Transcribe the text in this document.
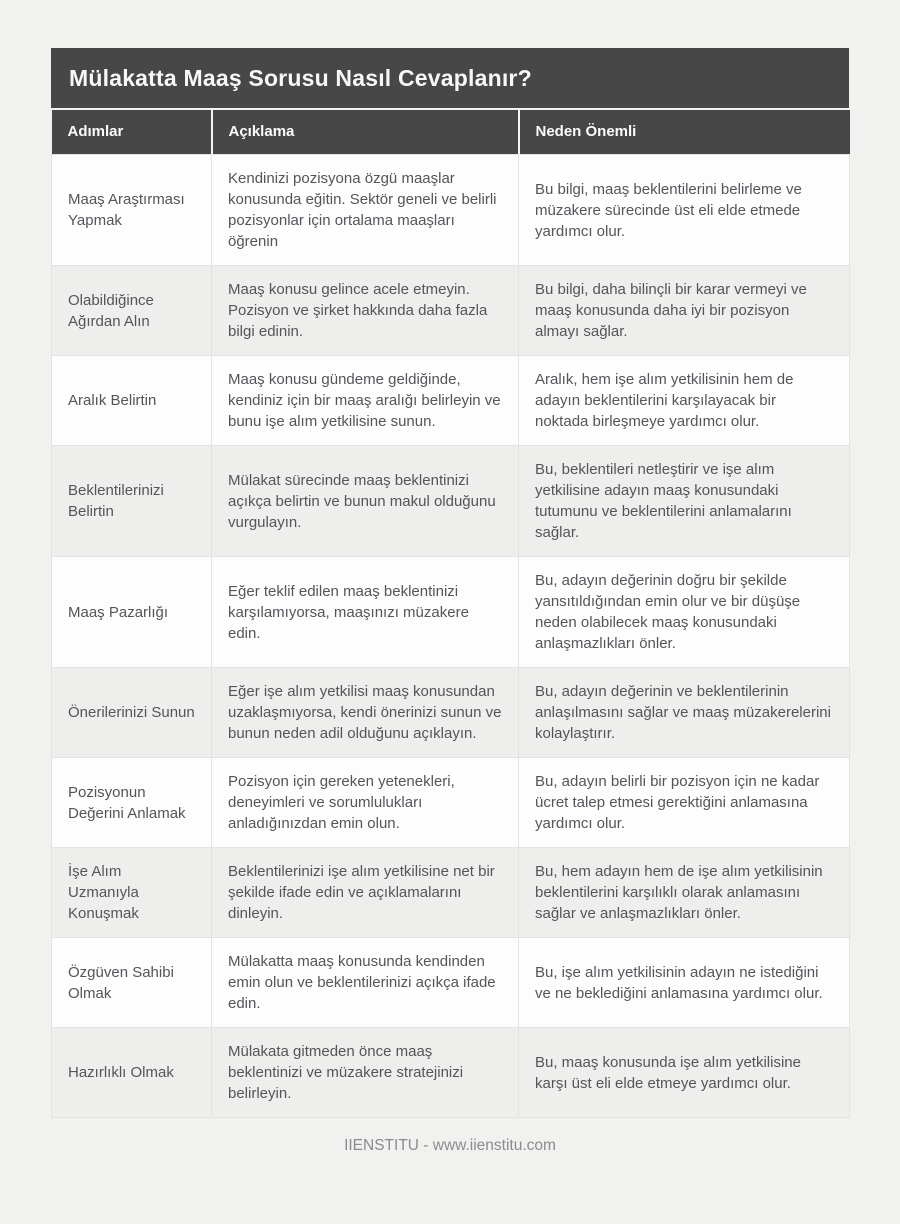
Mülakatta Maaş Sorusu Nasıl Cevaplanır?
Adımlar	Açıklama	Neden Önemli
Maaş Araştırması Yapmak	Kendinizi pozisyona özgü maaşlar konusunda eğitin. Sektör geneli ve belirli pozisyonlar için ortalama maaşları öğrenin	Bu bilgi, maaş beklentilerini belirleme ve müzakere sürecinde üst eli elde etmede yardımcı olur.
Olabildiğince Ağırdan Alın	Maaş konusu gelince acele etmeyin. Pozisyon ve şirket hakkında daha fazla bilgi edinin.	Bu bilgi, daha bilinçli bir karar vermeyi ve maaş konusunda daha iyi bir pozisyon almayı sağlar.
Aralık Belirtin	Maaş konusu gündeme geldiğinde, kendiniz için bir maaş aralığı belirleyin ve bunu işe alım yetkilisine sunun.	Aralık, hem işe alım yetkilisinin hem de adayın beklentilerini karşılayacak bir noktada birleşmeye yardımcı olur.
Beklentilerinizi Belirtin	Mülakat sürecinde maaş beklentinizi açıkça belirtin ve bunun makul olduğunu vurgulayın.	Bu, beklentileri netleştirir ve işe alım yetkilisine adayın maaş konusundaki tutumunu ve beklentilerini anlamalarını sağlar.
Maaş Pazarlığı	Eğer teklif edilen maaş beklentinizi karşılamıyorsa, maaşınızı müzakere edin.	Bu, adayın değerinin doğru bir şekilde yansıtıldığından emin olur ve bir düşüşe neden olabilecek maaş konusundaki anlaşmazlıkları önler.
Önerilerinizi Sunun	Eğer işe alım yetkilisi maaş konusundan uzaklaşmıyorsa, kendi önerinizi sunun ve bunun neden adil olduğunu açıklayın.	Bu, adayın değerinin ve beklentilerinin anlaşılmasını sağlar ve maaş müzakerelerini kolaylaştırır.
Pozisyonun Değerini Anlamak	Pozisyon için gereken yetenekleri, deneyimleri ve sorumlulukları anladığınızdan emin olun.	Bu, adayın belirli bir pozisyon için ne kadar ücret talep etmesi gerektiğini anlamasına yardımcı olur.
İşe Alım Uzmanıyla Konuşmak	Beklentilerinizi işe alım yetkilisine net bir şekilde ifade edin ve açıklamalarını dinleyin.	Bu, hem adayın hem de işe alım yetkilisinin beklentilerini karşılıklı olarak anlamasını sağlar ve anlaşmazlıkları önler.
Özgüven Sahibi Olmak	Mülakatta maaş konusunda kendinden emin olun ve beklentilerinizi açıkça ifade edin.	Bu, işe alım yetkilisinin adayın ne istediğini ve ne beklediğini anlamasına yardımcı olur.
Hazırlıklı Olmak	Mülakata gitmeden önce maaş beklentinizi ve müzakere stratejinizi belirleyin.	Bu, maaş konusunda işe alım yetkilisine karşı üst eli elde etmeye yardımcı olur.
IIENSTITU - www.iienstitu.com
